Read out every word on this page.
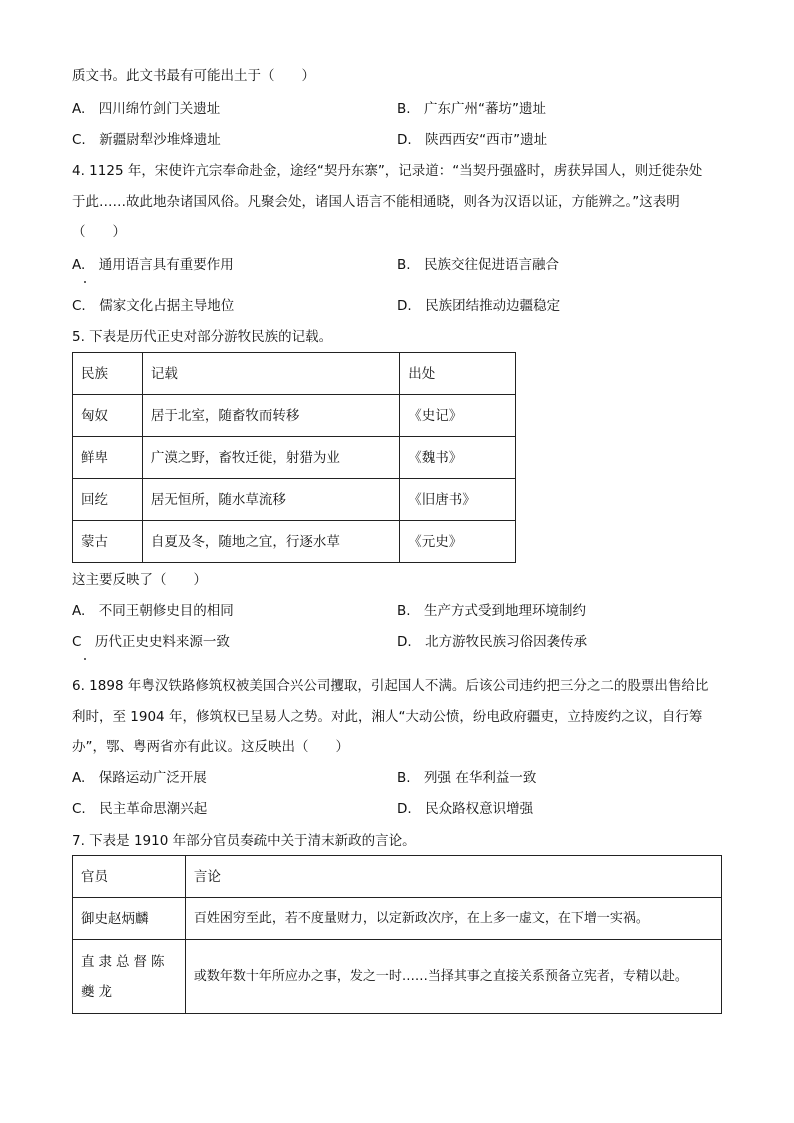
质文书。此文书最有可能出土于（　　）
A.　四川绵竹剑门关遗址	B.　广东广州“蕃坊”遗址
C.　新疆尉犁沙堆烽遗址	D.　陕西西安“西市”遗址
4. 1125 年，宋使许亢宗奉命赴金，途经“契丹东寨”，记录道：“当契丹强盛时，虏获异国人，则迁徙杂处
于此……故此地杂诸国风俗。凡聚会处，诸国人语言不能相通晓，则各为汉语以证，方能辨之。”这表明
（　　）
A.　通用语言具有重要作用	B.　民族交往促进语言融合
C.　儒家文化占据主导地位	D.　民族团结推动边疆稳定
5. 下表是历代正史对部分游牧民族的记载。
民族	记载	出处
匈奴	居于北室，随畜牧而转移	《史记》
鲜卑	广漠之野，畜牧迁徙，射猎为业	《魏书》
回纥	居无恒所，随水草流移	《旧唐书》
蒙古	自夏及冬，随地之宜，行逐水草	《元史》
这主要反映了（　　）
A.　不同王朝修史目的相同	B.　生产方式受到地理环境制约
C　历代正史史料来源一致	D.　北方游牧民族习俗因袭传承
6. 1898 年粤汉铁路修筑权被美国合兴公司攫取，引起国人不满。后该公司违约把三分之二的股票出售给比
利时，至 1904 年，修筑权已呈易人之势。对此，湘人“大动公愤，纷电政府疆吏，立持废约之议，自行筹
办”，鄂、粤两省亦有此议。这反映出（　　）
A.　保路运动广泛开展	B.　列强 在华利益一致
C.　民主革命思潮兴起	D.　民众路权意识增强
7. 下表是 1910 年部分官员奏疏中关于清末新政的言论。
官员	言论
御史赵炳麟	百姓困穷至此，若不度量财力，以定新政次序，在上多一虚文，在下增一实祸。
直隶总督陈夔龙	或数年数十年所应办之事，发之一时……当择其事之直接关系预备立宪者，专精以赴。
